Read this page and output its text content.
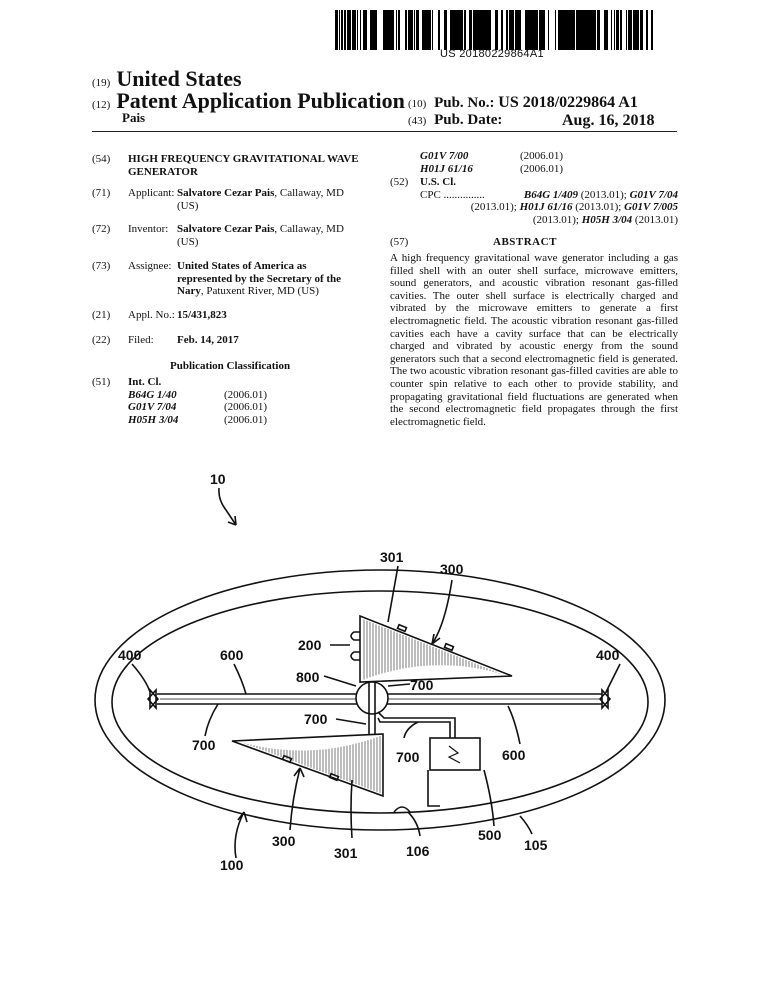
US 20180229864A1
(19) United States
(12) Patent Application Publication
Pais
(10) Pub. No.: US 2018/0229864 A1
(43) Pub. Date:	Aug. 16, 2018
(54) HIGH FREQUENCY GRAVITATIONAL WAVE
GENERATOR
(71) Applicant: Salvatore Cezar Pais, Callaway, MD
(US)
(72) Inventor: Salvatore Cezar Pais, Callaway, MD
(US)
(73) Assignee: United States of America as
represented by the Secretary of the
Nary, Patuxent River, MD (US)
(21) Appl. No.: 15/431,823
(22) Filed: Feb. 14, 2017
Publication Classification
(51) Int. Cl.
B64G 1/40	(2006.01)
G01V 7/04	(2006.01)
H05H 3/04	(2006.01)
G01V 7/00	(2006.01)
H01J 61/16	(2006.01)
(52) U.S. Cl.
CPC ...............	B64G 1/409 (2013.01); G01V 7/04
(2013.01); H01J 61/16 (2013.01); G01V 7/005
(2013.01); H05H 3/04 (2013.01)
(57)	ABSTRACT
A high frequency gravitational wave generator including a gas filled shell with an outer shell surface, microwave emitters, sound generators, and acoustic vibration resonant gas-filled cavities. The outer shell surface is electrically charged and vibrated by the microwave emitters to generate a first electromagnetic field. The acoustic vibration resonant gas-filled cavities each have a cavity surface that can be electrically charged and vibrated by acoustic energy from the sound generators such that a second electromagnetic field is generated. The two acoustic vibration resonant gas-filled cavities are able to counter spin relative to each other to provide stability, and propagating gravitational field fluctuations are generated when the second electromagnetic field propagates through the first electromagnetic field.
10
301
300
200
400	600	400
800	700
700
700
700	600
300
301	106
500
105
100
